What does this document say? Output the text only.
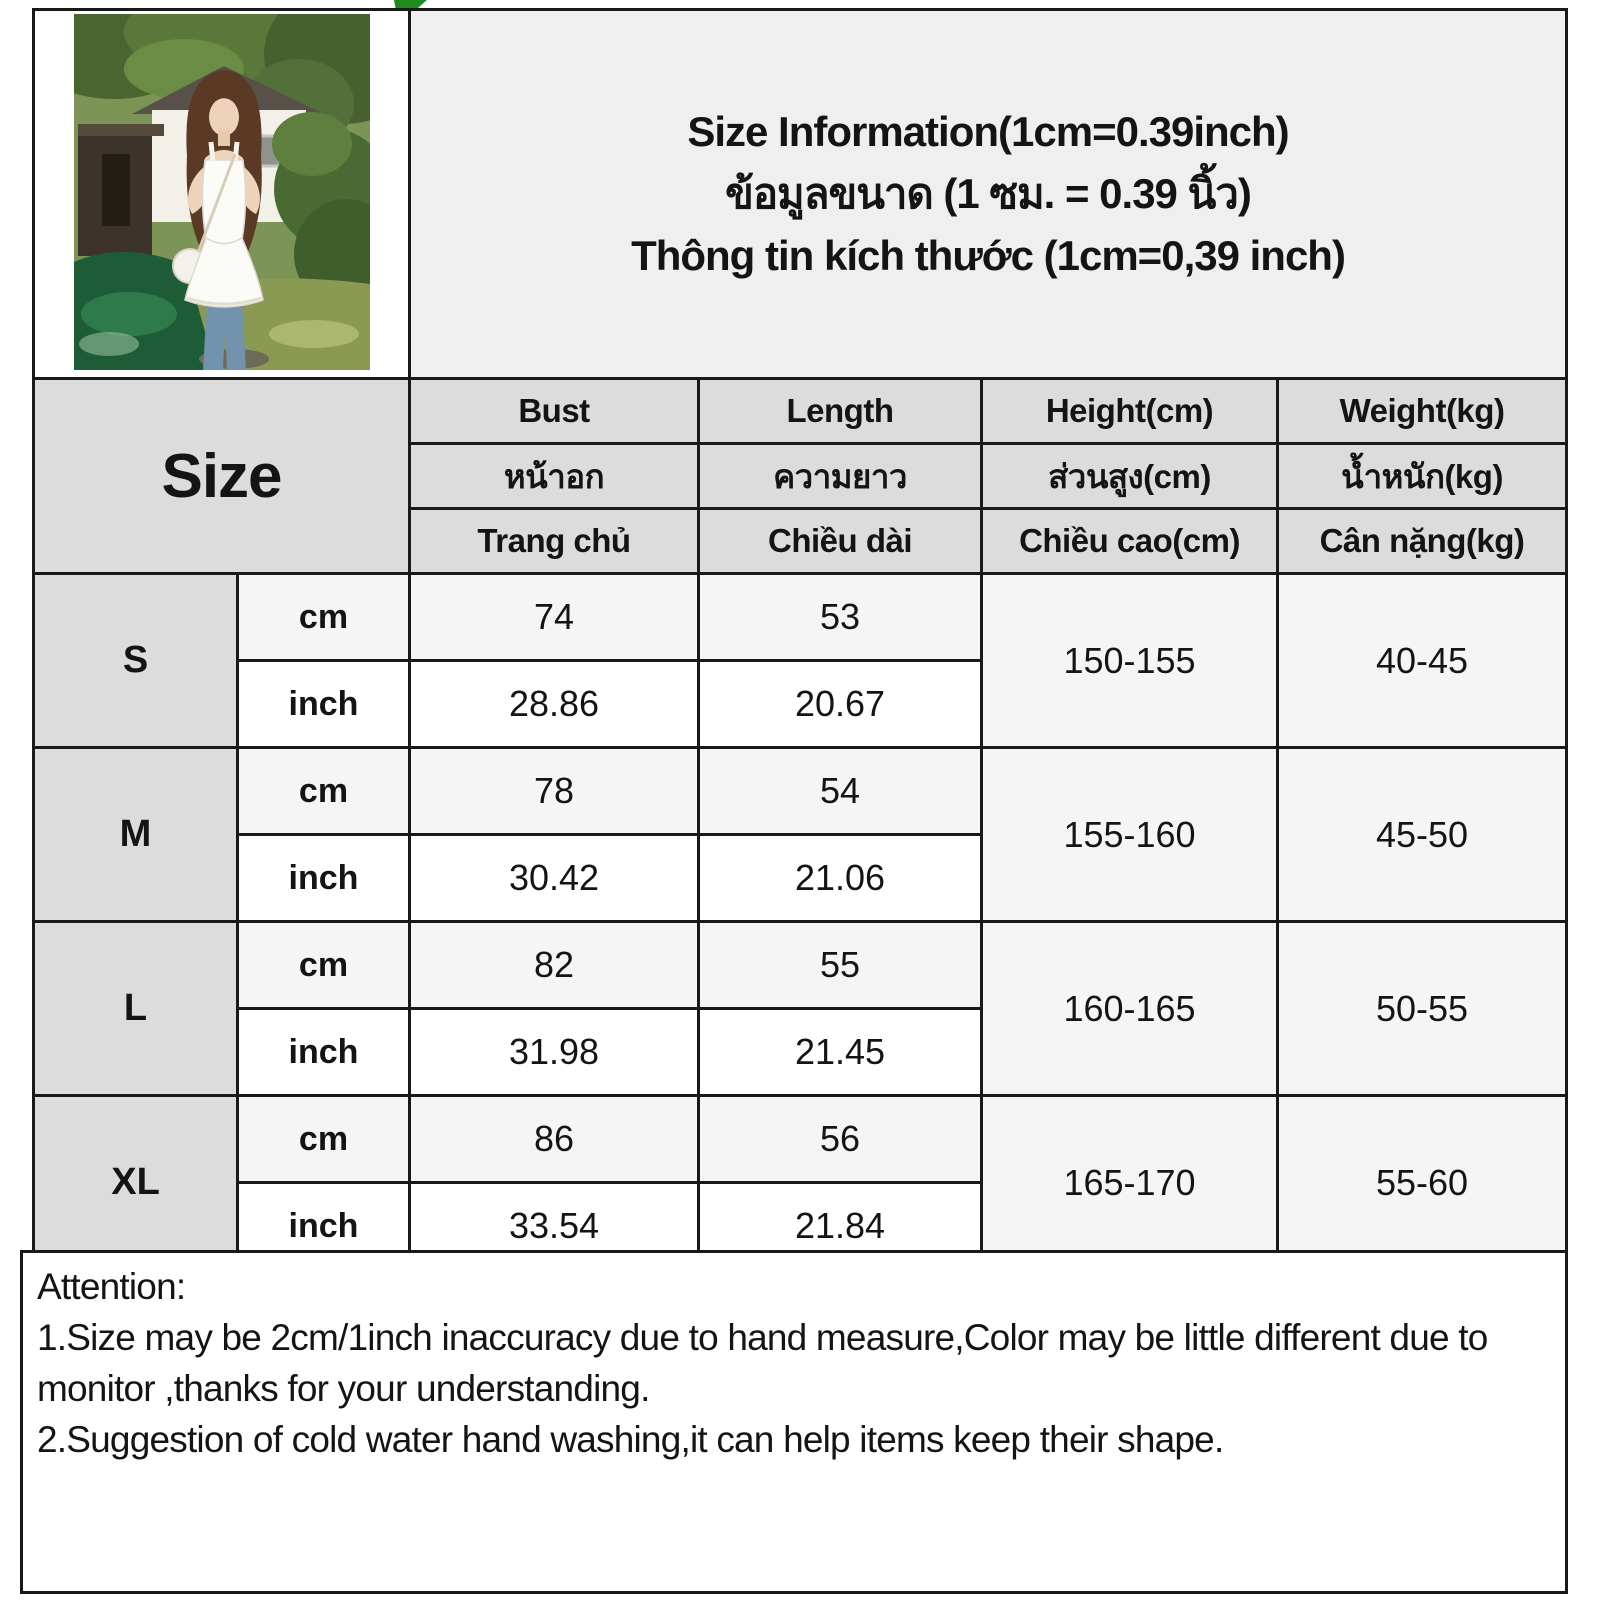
Size Information(1cm=0.39inch)
ข้อมูลขนาด (1 ซม. = 0.39 นิ้ว)
Thông tin kích thước (1cm=0,39 inch)			

Size		Bust	Length	Height(cm)	Weight(kg)
		หน้าอก	ความยาว	ส่วนสูง(cm)	น้ำหนัก(kg)
		Trang chủ	Chiều dài	Chiều cao(cm)	Cân nặng(kg)
S	cm	74	53	150-155	40-45
	inch	28.86	20.67		
M	cm	78	54	155-160	45-50
	inch	30.42	21.06		
L	cm	82	55	160-165	50-55
	inch	31.98	21.45		
XL	cm	86	56	165-170	55-60
	inch	33.54	21.84		
Attention:
1.Size may be 2cm/1inch inaccuracy due to hand measure,Color may be little different due to monitor ,thanks for your understanding.
2.Suggestion of cold water hand washing,it can help items keep their shape.
